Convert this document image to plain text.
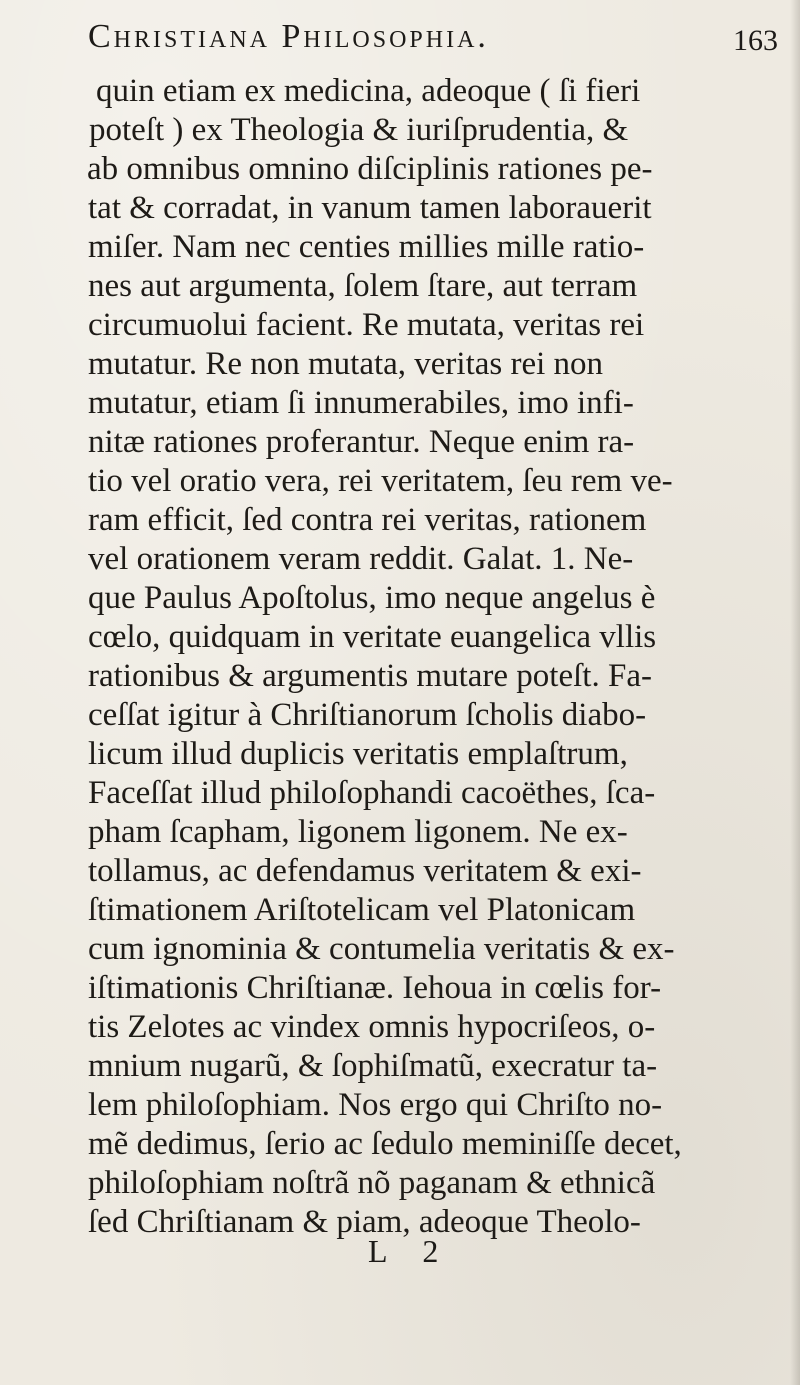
Christiana Philosophia.	163
quin etiam ex medicina, adeoque ( ſi fieri
poteſt ) ex Theologia & iuriſprudentia, &
ab omnibus omnino diſciplinis rationes pe-
tat & corradat, in vanum tamen laborauerit
miſer. Nam nec centies millies mille ratio-
nes aut argumenta, ſolem ſtare, aut terram
circumuolui facient. Re mutata, veritas rei
mutatur. Re non mutata, veritas rei non
mutatur, etiam ſi innumerabiles, imo infi-
nitæ rationes proferantur. Neque enim ra-
tio vel oratio vera, rei veritatem, ſeu rem ve-
ram efficit, ſed contra rei veritas, rationem
vel orationem veram reddit. Galat. 1. Ne-
que Paulus Apoſtolus, imo neque angelus è
cœlo, quidquam in veritate euangelica vllis
rationibus & argumentis mutare poteſt. Fa-
ceſſat igitur à Chriſtianorum ſcholis diabo-
licum illud duplicis veritatis emplaſtrum,
Faceſſat illud philoſophandi cacoëthes, ſca-
pham ſcapham, ligonem ligonem. Ne ex-
tollamus, ac defendamus veritatem & exi-
ſtimationem Ariſtotelicam vel Platonicam
cum ignominia & contumelia veritatis & ex-
iſtimationis Chriſtianæ. Iehoua in cœlis for-
tis Zelotes ac vindex omnis hypocriſeos, o-
mnium nugarũ, & ſophiſmatũ, execratur ta-
lem philoſophiam. Nos ergo qui Chriſto no-
mẽ dedimus, ſerio ac ſedulo meminiſſe decet,
philoſophiam noſtrã nõ paganam & ethnicã
ſed Chriſtianam & piam, adeoque Theolo-
L 2
